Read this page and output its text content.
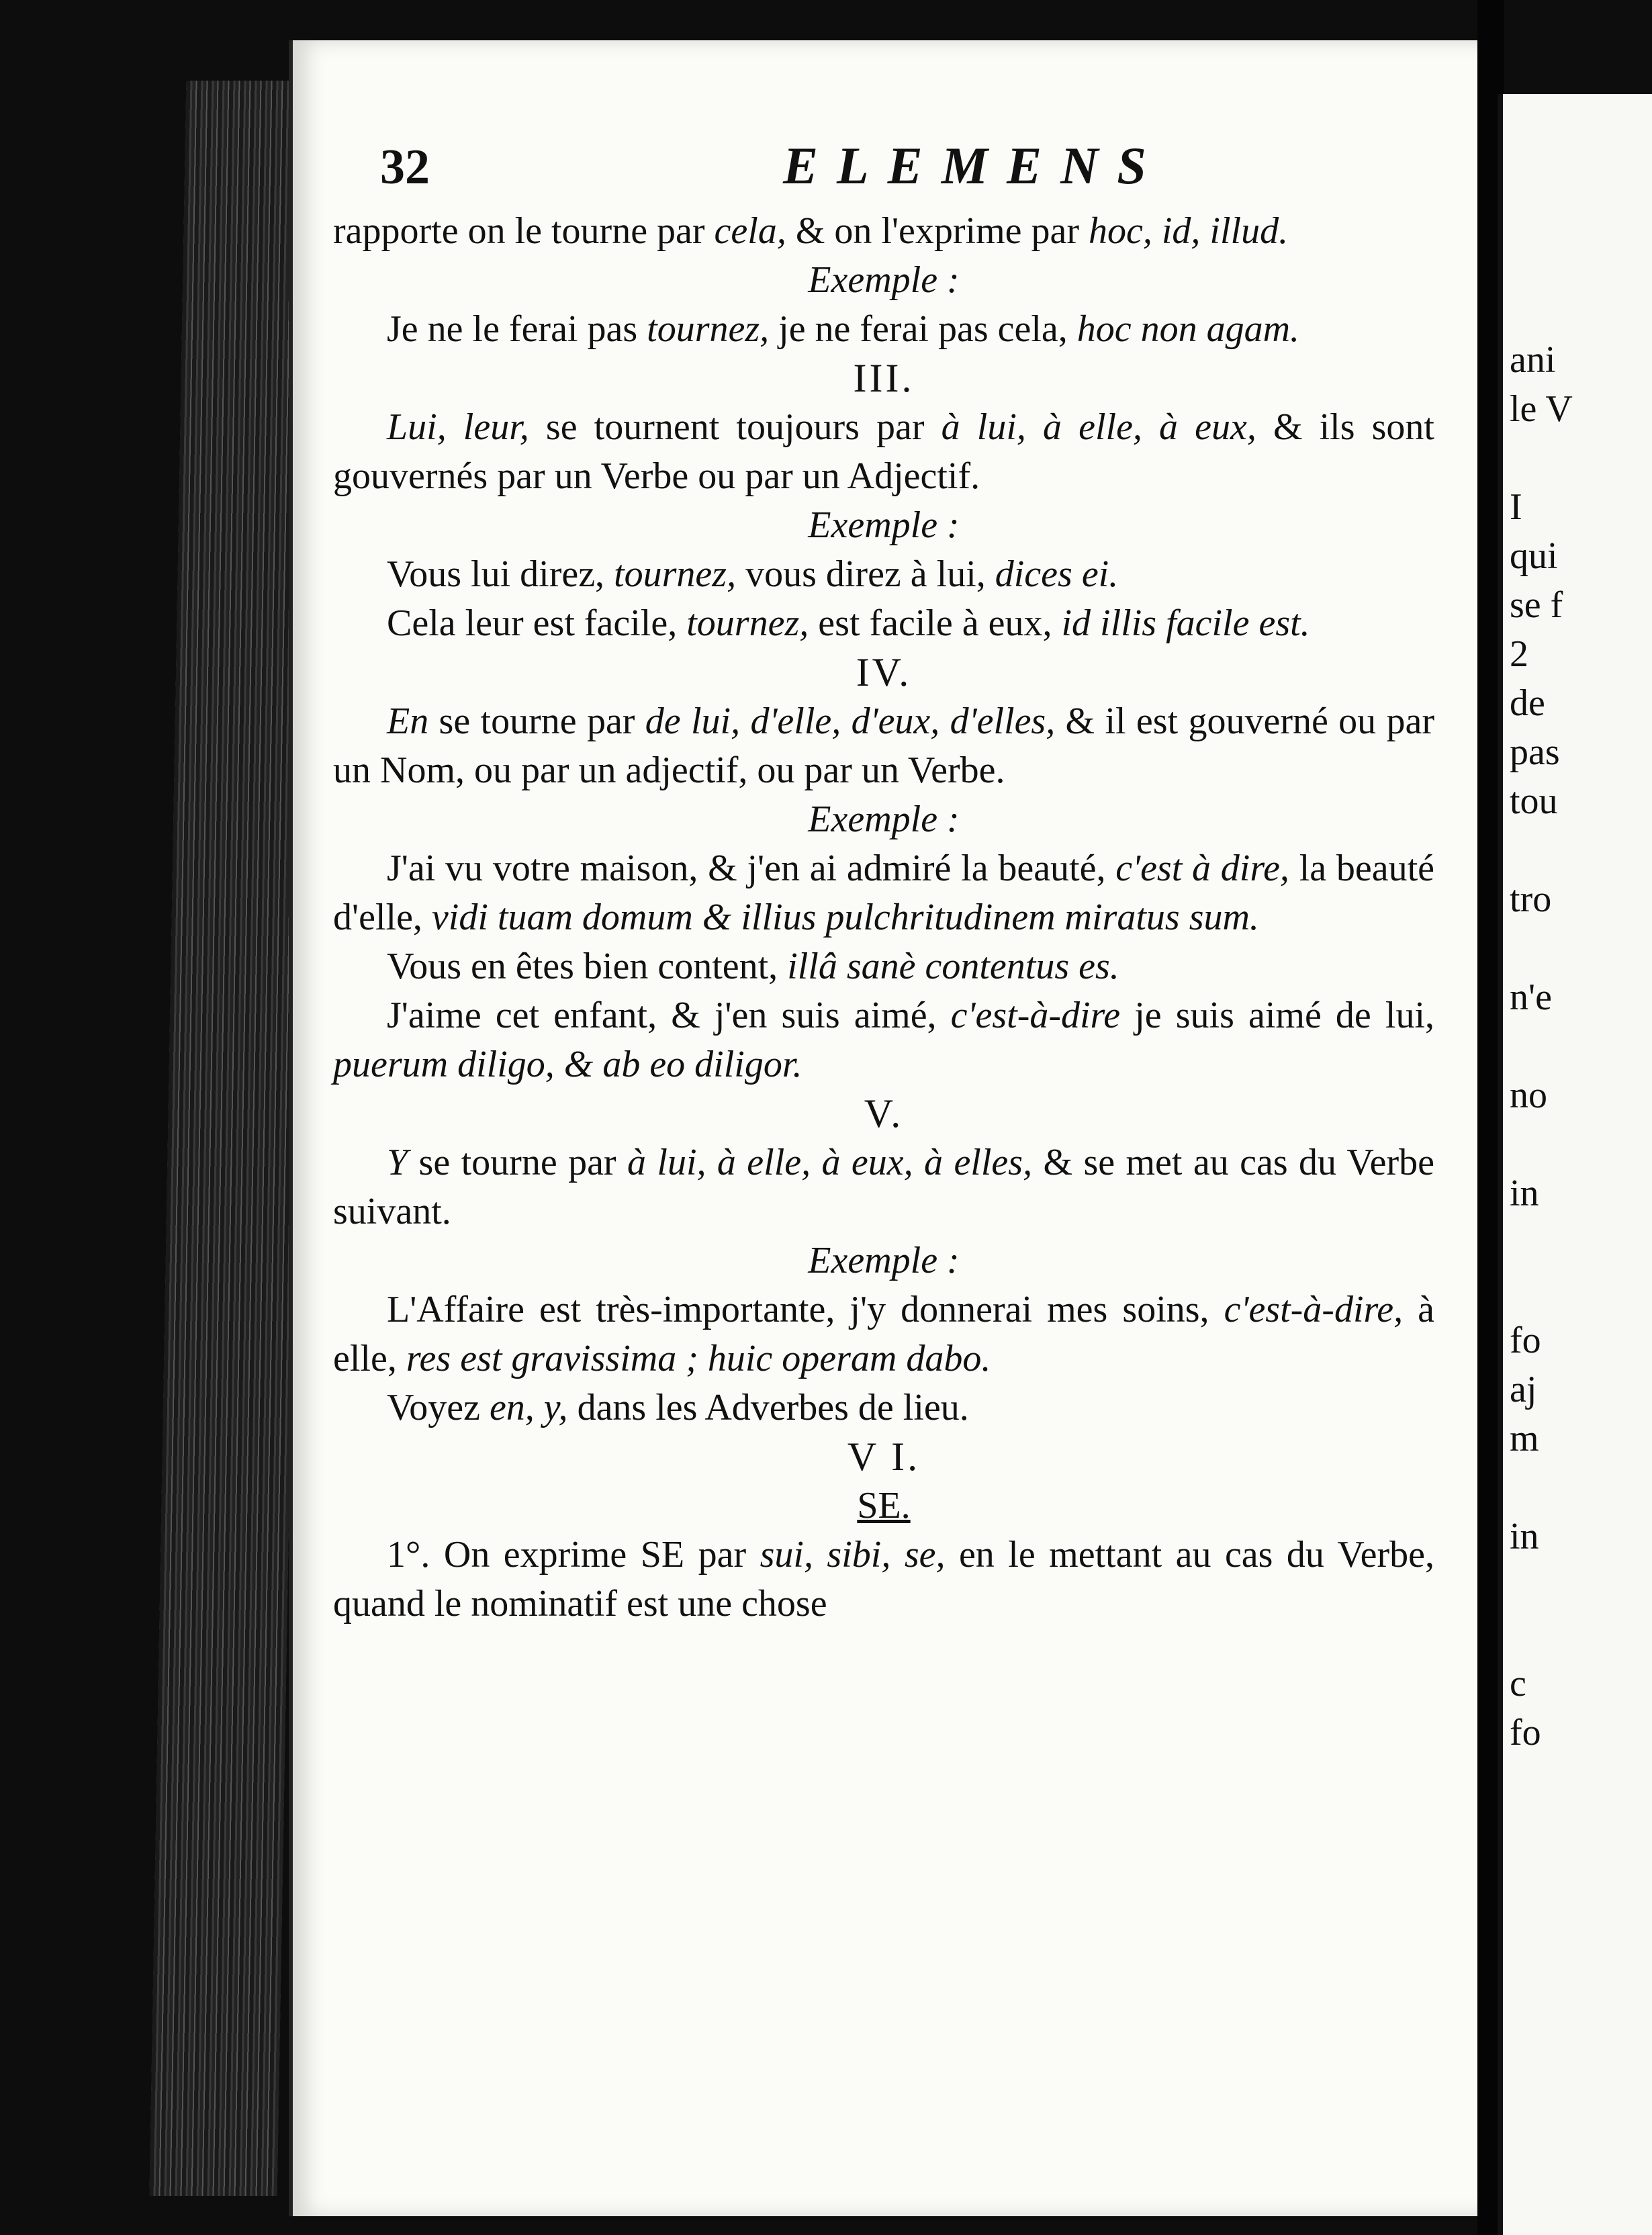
32	ELEMENS

rapporte on le tourne par cela, & on l'exprime par hoc, id, illud.

Exemple :

Je ne le ferai pas tournez, je ne ferai pas cela, hoc non agam.

III.

Lui, leur, se tournent toujours par à lui, à elle, à eux, & ils sont gouvernés par un Verbe ou par un Adjectif.

Exemple :

Vous lui direz, tournez, vous direz à lui, dices ei.

Cela leur est facile, tournez, est facile à eux, id illis facile est.

IV.

En se tourne par de lui, d'elle, d'eux, d'elles, & il est gouverné ou par un Nom, ou par un adjectif, ou par un Verbe.

Exemple :

J'ai vu votre maison, & j'en ai admiré la beauté, c'est à dire, la beauté d'elle, vidi tuam domum & illius pulchritudinem miratus sum.

Vous en êtes bien content, illâ sanè contentus es.

J'aime cet enfant, & j'en suis aimé, c'est-à-dire je suis aimé de lui, puerum diligo, & ab eo diligor.

V.

Y se tourne par à lui, à elle, à eux, à elles, & se met au cas du Verbe suivant.

Exemple :

L'Affaire est très-importante, j'y donnerai mes soins, c'est-à-dire, à elle, res est gravissima ; huic operam dabo.

Voyez en, y, dans les Adverbes de lieu.

V I.

SE.

1°. On exprime SE par sui, sibi, se, en le mettant au cas du Verbe, quand le nominatif est une chose

ani
le V

I
qui
se f
2
de
pas
tou

tro

n'e

no

in

fo
aj
m

in

c
fo
